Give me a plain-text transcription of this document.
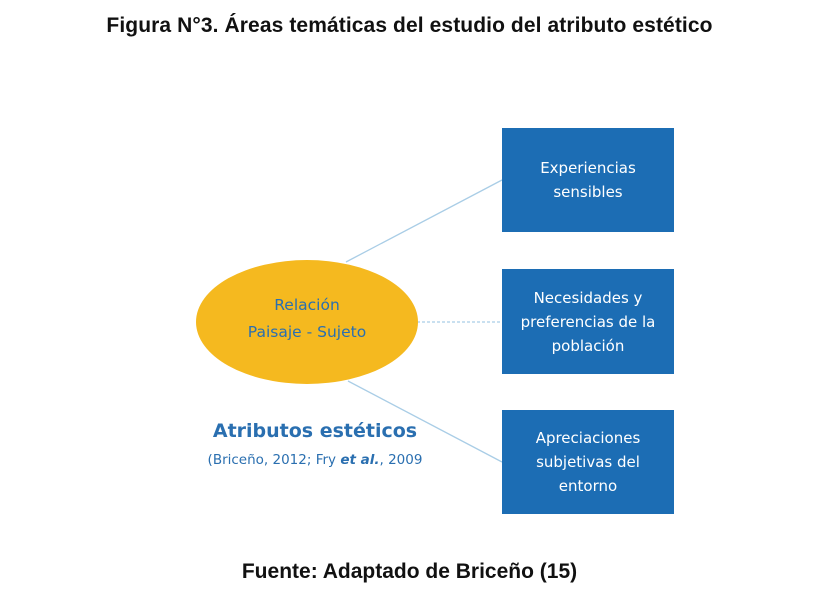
Figura N°3. Áreas temáticas del estudio del atributo estético
Relación
Paisaje - Sujeto
Experiencias
sensibles
Necesidades y
preferencias de la
población
Apreciaciones
subjetivas del
entorno
Atributos estéticos
(Briceño, 2012; Fry et al., 2009
Fuente: Adaptado de Briceño (15)
